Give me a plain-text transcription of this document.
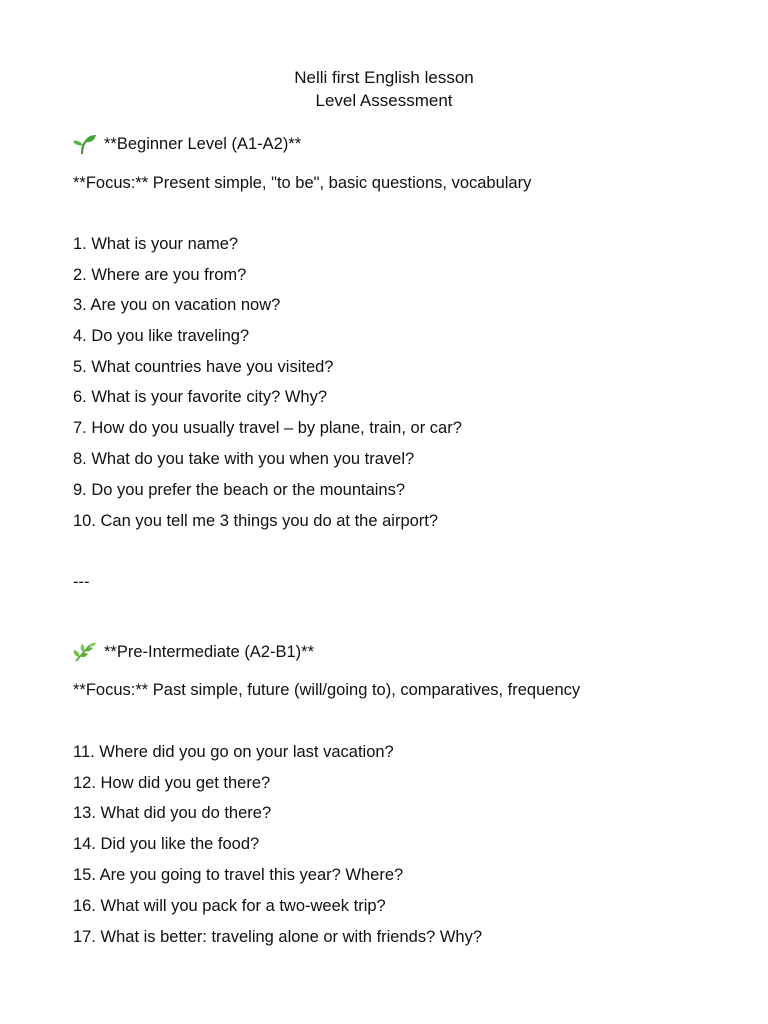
Nelli first English lesson
Level Assessment
**Beginner Level (A1-A2)**
**Focus:** Present simple, "to be", basic questions, vocabulary
1. What is your name?
2. Where are you from?
3. Are you on vacation now?
4. Do you like traveling?
5. What countries have you visited?
6. What is your favorite city? Why?
7. How do you usually travel – by plane, train, or car?
8. What do you take with you when you travel?
9. Do you prefer the beach or the mountains?
10. Can you tell me 3 things you do at the airport?
---
**Pre-Intermediate (A2-B1)**
**Focus:** Past simple, future (will/going to), comparatives, frequency
11. Where did you go on your last vacation?
12. How did you get there?
13. What did you do there?
14. Did you like the food?
15. Are you going to travel this year? Where?
16. What will you pack for a two-week trip?
17. What is better: traveling alone or with friends? Why?
